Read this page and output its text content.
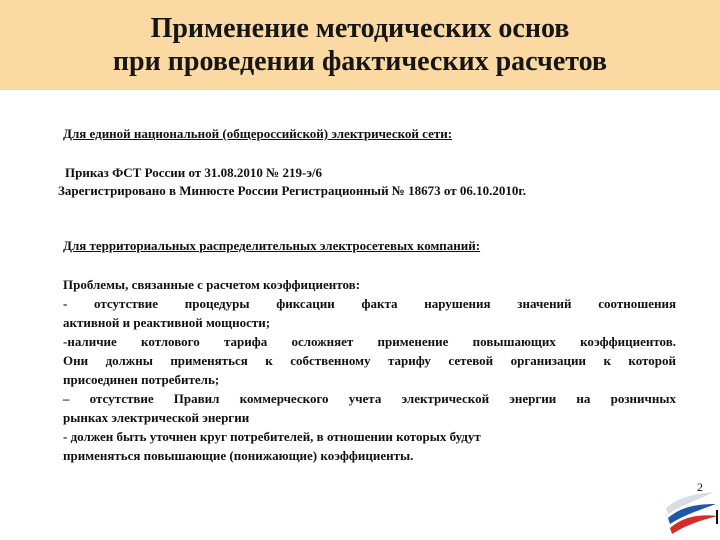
Применение методических основ
при проведении фактических расчетов
Для единой национальной (общероссийской) электрической сети:
Приказ ФСТ России от 31.08.2010 № 219-э/6
Зарегистрировано в Минюсте России Регистрационный № 18673 от 06.10.2010г.
Для территориальных распределительных электросетевых компаний:
Проблемы, связанные с расчетом коэффициентов:
- отсутствие процедуры фиксации факта нарушения значений соотношения
активной и реактивной мощности;
-наличие котлового тарифа осложняет применение повышающих коэффициентов.
Они должны применяться к собственному тарифу сетевой организации к которой
присоединен потребитель;
– отсутствие Правил коммерческого учета электрической энергии на розничных
рынках электрической энергии
- должен быть уточнен круг потребителей, в отношении которых будут
применяться повышающие (понижающие) коэффициенты.
2
